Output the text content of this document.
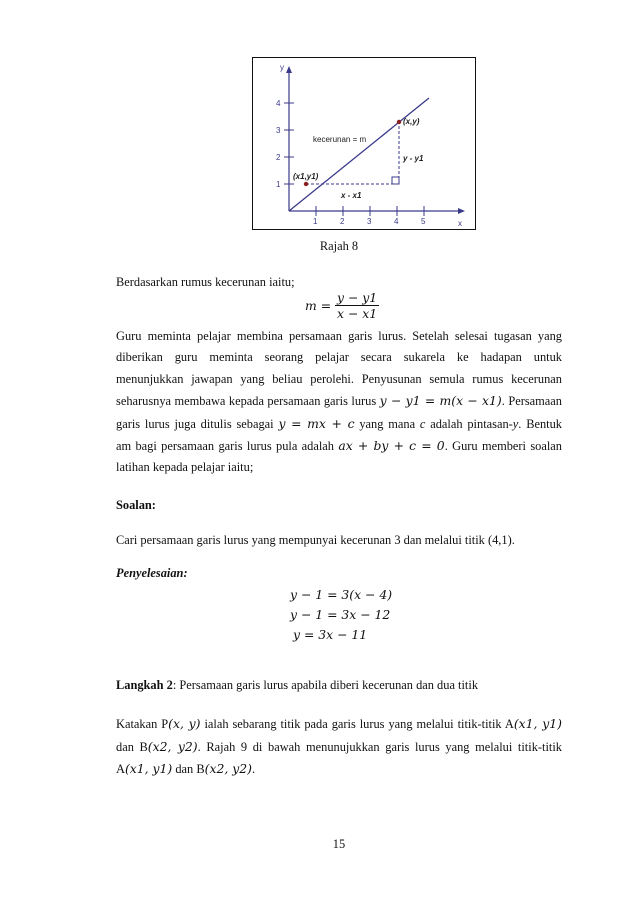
1	2	3	4	5
1
2
3
4
x
y
(x,y)
(x1,y1)
kecerunan = m
y - y1
x - x1
Rajah 8
Berdasarkan rumus kecerunan iaitu;
$m = \frac{y - y1}{x - x1}$
Guru meminta pelajar membina persamaan garis lurus. Setelah selesai tugasan yang
diberikan guru meminta seorang pelajar secara sukarela ke hadapan untuk
menunjukkan jawapan yang beliau perolehi. Penyusunan semula rumus kecerunan
seharusnya membawa kepada persamaan garis lurus y − y1 = m(x − x1). Persamaan
garis lurus juga ditulis sebagai y = mx + c yang mana c adalah pintasan-y. Bentuk
am bagi persamaan garis lurus pula adalah ax + by + c = 0. Guru memberi soalan
latihan kepada pelajar iaitu;
Soalan:
Cari persamaan garis lurus yang mempunyai kecerunan 3 dan melalui titik (4,1).
Penyelesaian:
y − 1 = 3(x − 4)
y − 1 = 3x − 12
y = 3x − 11
Langkah 2: Persamaan garis lurus apabila diberi kecerunan dan dua titik
Katakan P(x, y) ialah sebarang titik pada garis lurus yang melalui titik-titik A(x1, y1)
dan B(x2, y2). Rajah 9 di bawah menunujukkan garis lurus yang melalui titik-titik
A(x1, y1) dan B(x2, y2).
15
